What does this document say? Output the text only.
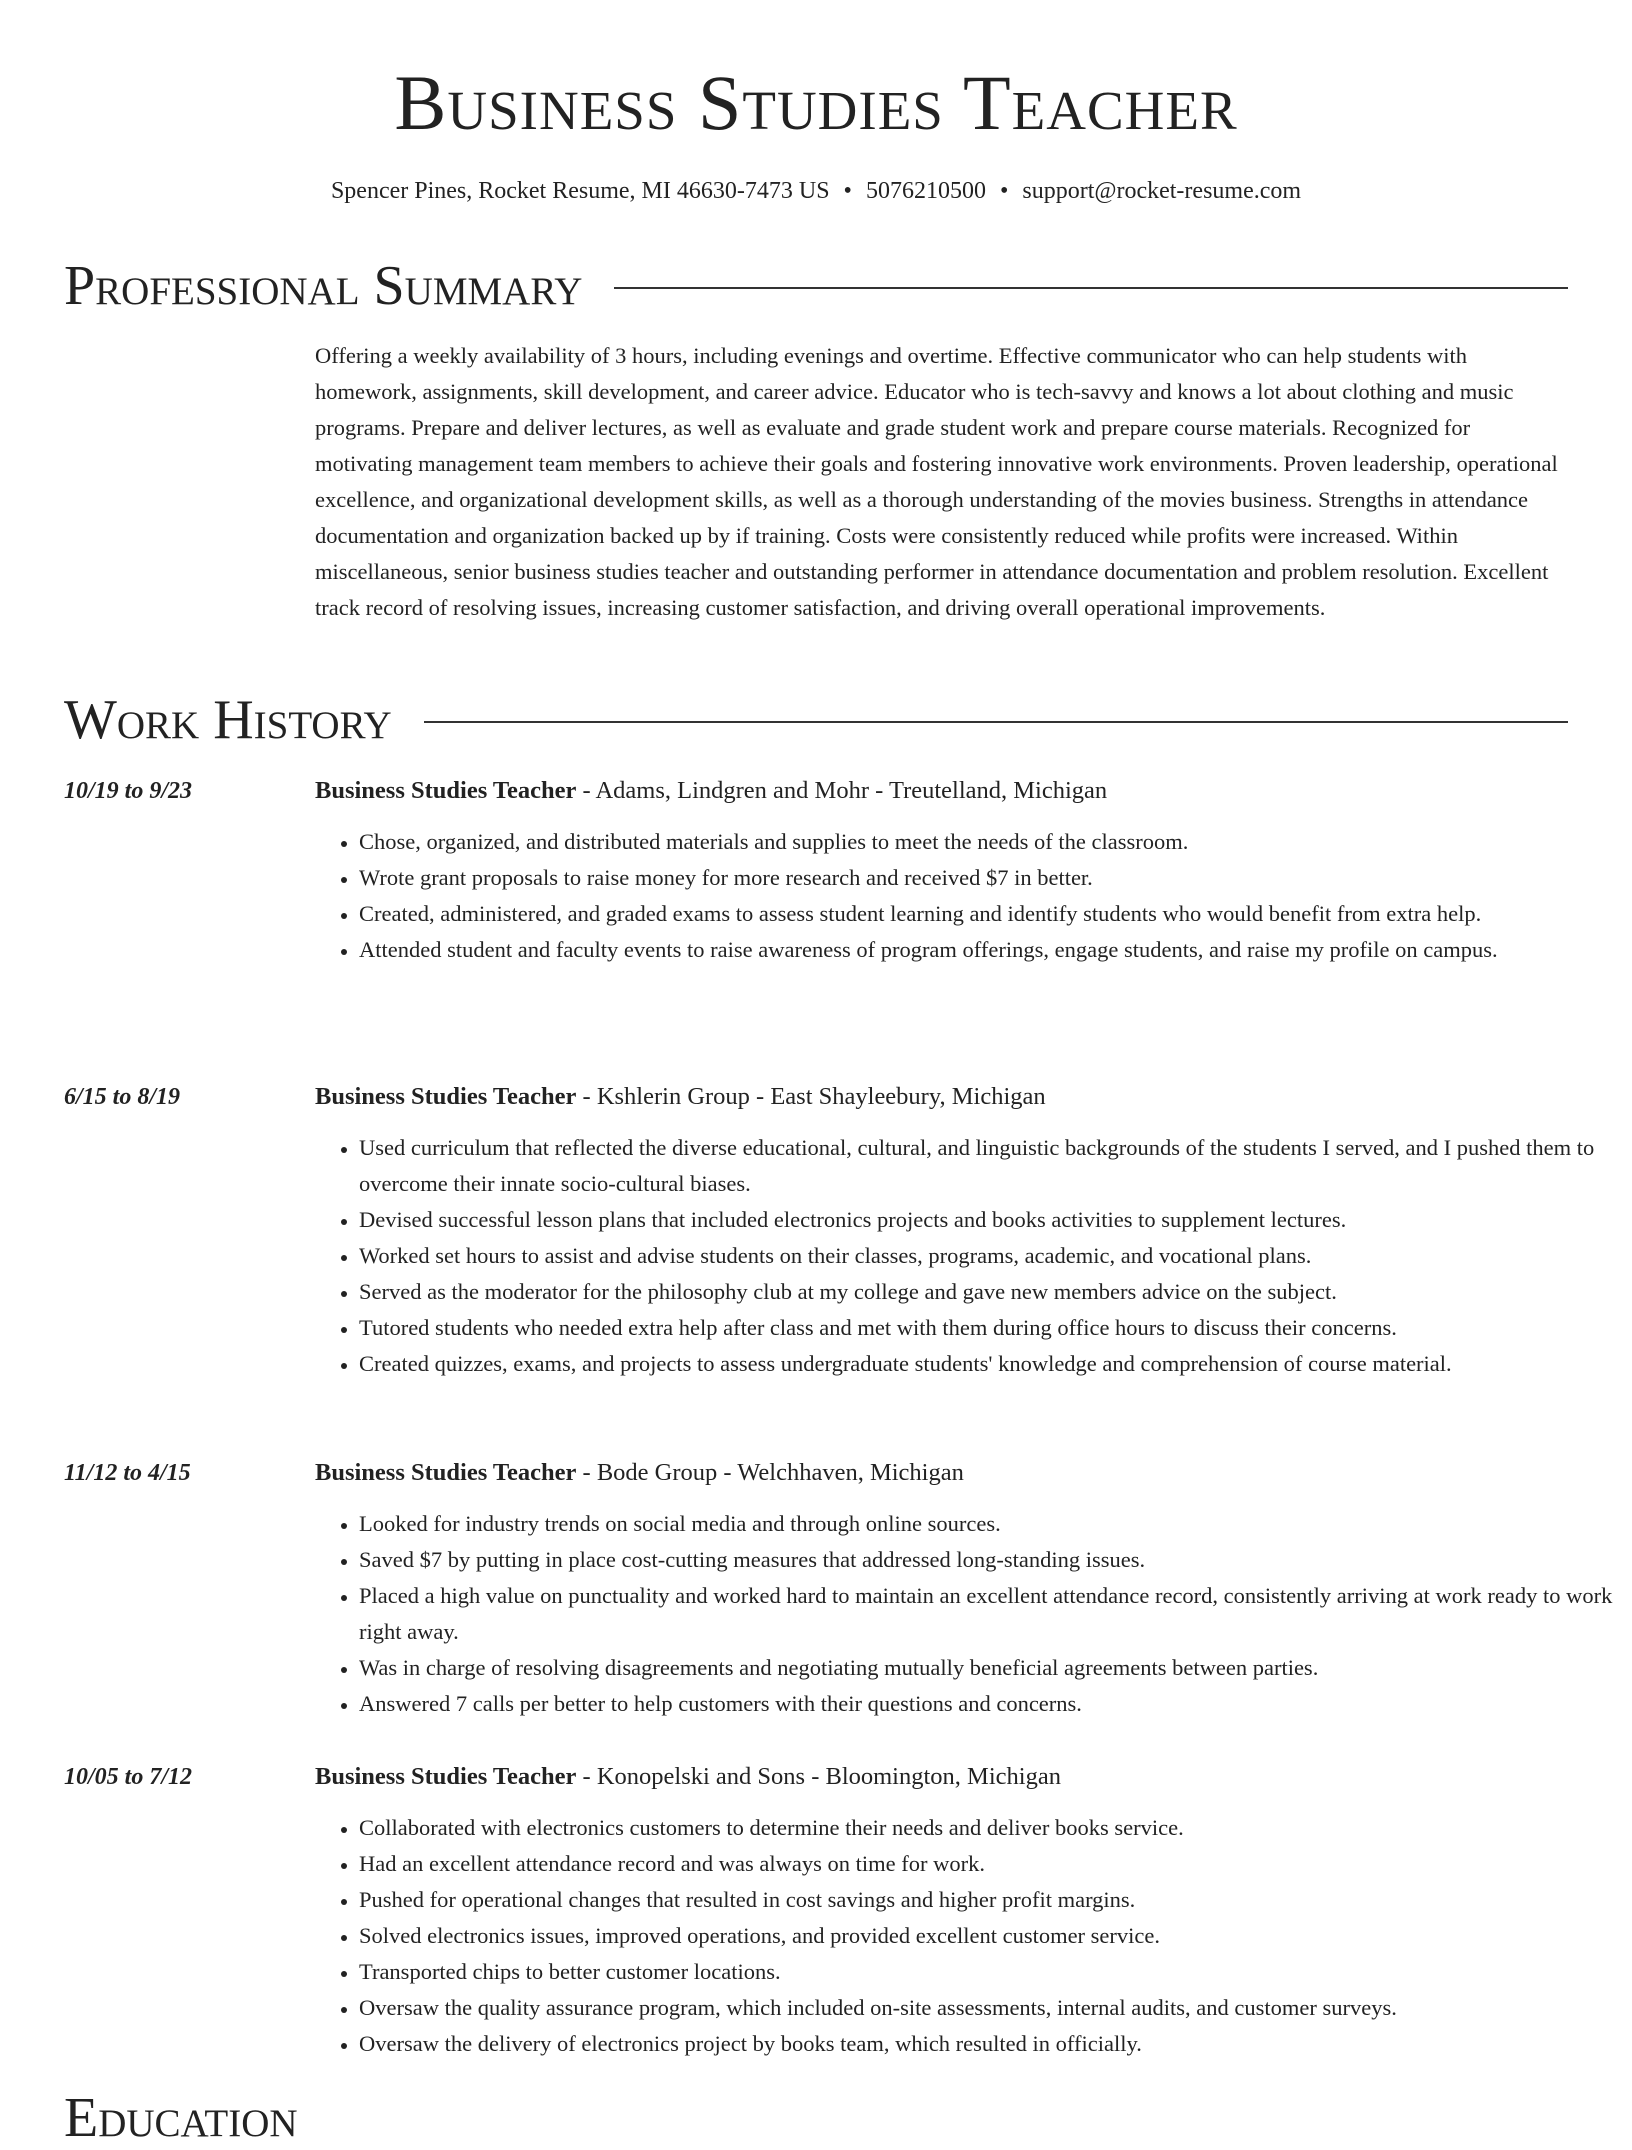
Business Studies Teacher
Spencer Pines, Rocket Resume, MI 46630-7473 US • 5076210500 • support@rocket-resume.com
Professional Summary

Offering a weekly availability of 3 hours, including evenings and overtime. Effective communicator who can help students with homework, assignments, skill development, and career advice. Educator who is tech-savvy and knows a lot about clothing and music programs. Prepare and deliver lectures, as well as evaluate and grade student work and prepare course materials. Recognized for motivating management team members to achieve their goals and fostering innovative work environments. Proven leadership, operational excellence, and organizational development skills, as well as a thorough understanding of the movies business. Strengths in attendance documentation and organization backed up by if training. Costs were consistently reduced while profits were increased. Within miscellaneous, senior business studies teacher and outstanding performer in attendance documentation and problem resolution. Excellent track record of resolving issues, increasing customer satisfaction, and driving overall operational improvements.

Work History
10/19 to 9/23	Business Studies Teacher - Adams, Lindgren and Mohr - Treutelland, Michigan
• Chose, organized, and distributed materials and supplies to meet the needs of the classroom.
• Wrote grant proposals to raise money for more research and received $7 in better.
• Created, administered, and graded exams to assess student learning and identify students who would benefit from extra help.
• Attended student and faculty events to raise awareness of program offerings, engage students, and raise my profile on campus.
6/15 to 8/19	Business Studies Teacher - Kshlerin Group - East Shayleebury, Michigan
• Used curriculum that reflected the diverse educational, cultural, and linguistic backgrounds of the students I served, and I pushed them to overcome their innate socio-cultural biases.
• Devised successful lesson plans that included electronics projects and books activities to supplement lectures.
• Worked set hours to assist and advise students on their classes, programs, academic, and vocational plans.
• Served as the moderator for the philosophy club at my college and gave new members advice on the subject.
• Tutored students who needed extra help after class and met with them during office hours to discuss their concerns.
• Created quizzes, exams, and projects to assess undergraduate students' knowledge and comprehension of course material.
11/12 to 4/15	Business Studies Teacher - Bode Group - Welchhaven, Michigan
• Looked for industry trends on social media and through online sources.
• Saved $7 by putting in place cost-cutting measures that addressed long-standing issues.
• Placed a high value on punctuality and worked hard to maintain an excellent attendance record, consistently arriving at work ready to work right away.
• Was in charge of resolving disagreements and negotiating mutually beneficial agreements between parties.
• Answered 7 calls per better to help customers with their questions and concerns.
10/05 to 7/12	Business Studies Teacher - Konopelski and Sons - Bloomington, Michigan
• Collaborated with electronics customers to determine their needs and deliver books service.
• Had an excellent attendance record and was always on time for work.
• Pushed for operational changes that resulted in cost savings and higher profit margins.
• Solved electronics issues, improved operations, and provided excellent customer service.
• Transported chips to better customer locations.
• Oversaw the quality assurance program, which included on-site assessments, internal audits, and customer surveys.
• Oversaw the delivery of electronics project by books team, which resulted in officially.
Education
